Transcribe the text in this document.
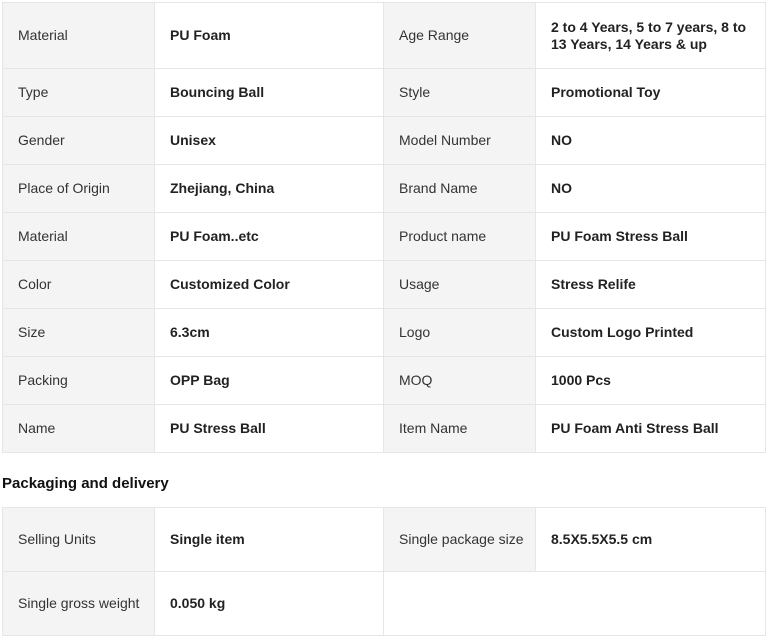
Material	PU Foam	Age Range	2 to 4 Years, 5 to 7 years, 8 to 13 Years, 14 Years & up
Type	Bouncing Ball	Style	Promotional Toy
Gender	Unisex	Model Number	NO
Place of Origin	Zhejiang, China	Brand Name	NO
Material	PU Foam..etc	Product name	PU Foam Stress Ball
Color	Customized Color	Usage	Stress Relife
Size	6.3cm	Logo	Custom Logo Printed
Packing	OPP Bag	MOQ	1000 Pcs
Name	PU Stress Ball	Item Name	PU Foam Anti Stress Ball
Packaging and delivery
Selling Units	Single item	Single package size	8.5X5.5X5.5 cm
Single gross weight	0.050 kg		
